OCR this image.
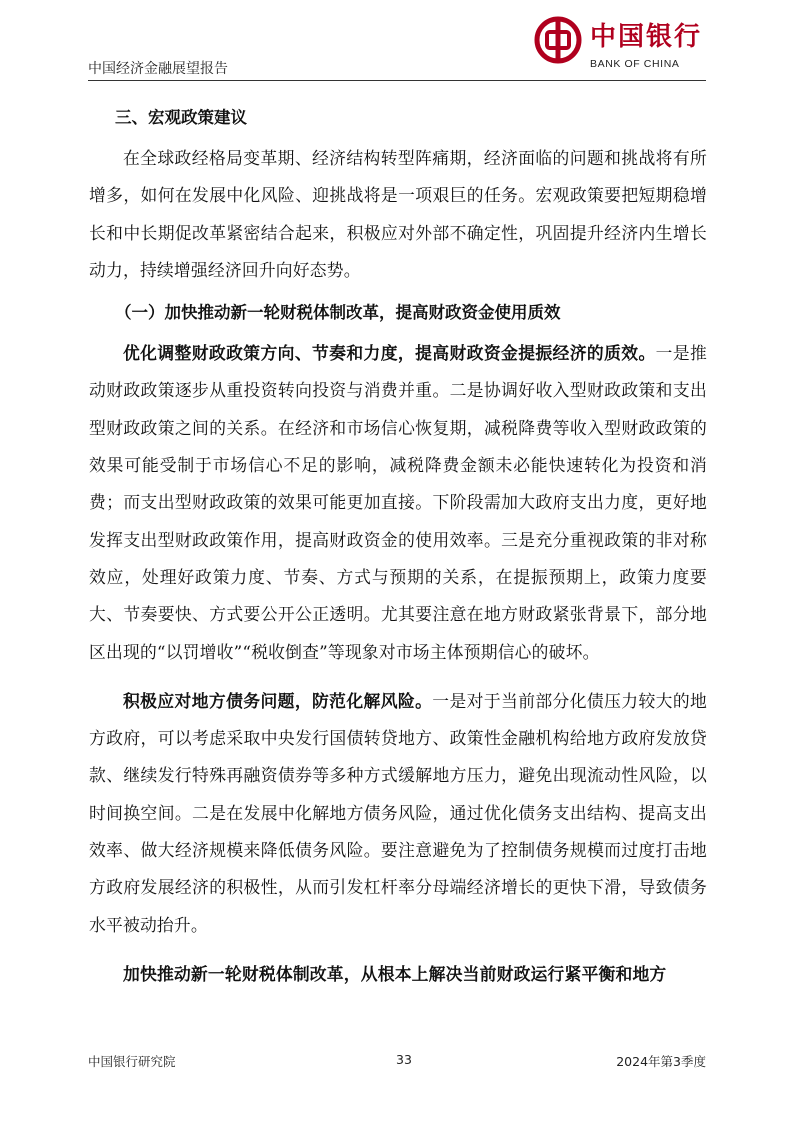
中国经济金融展望报告
中国银行
BANK OF CHINA
三、宏观政策建议

在全球政经格局变革期、经济结构转型阵痛期，经济面临的问题和挑战将有所增多，如何在发展中化风险、迎挑战将是一项艰巨的任务。宏观政策要把短期稳增长和中长期促改革紧密结合起来，积极应对外部不确定性，巩固提升经济内生增长动力，持续增强经济回升向好态势。

（一）加快推动新一轮财税体制改革，提高财政资金使用质效

优化调整财政政策方向、节奏和力度，提高财政资金提振经济的质效。一是推动财政政策逐步从重投资转向投资与消费并重。二是协调好收入型财政政策和支出型财政政策之间的关系。在经济和市场信心恢复期，减税降费等收入型财政政策的效果可能受制于市场信心不足的影响，减税降费金额未必能快速转化为投资和消费；而支出型财政政策的效果可能更加直接。下阶段需加大政府支出力度，更好地发挥支出型财政政策作用，提高财政资金的使用效率。三是充分重视政策的非对称效应，处理好政策力度、节奏、方式与预期的关系，在提振预期上，政策力度要大、节奏要快、方式要公开公正透明。尤其要注意在地方财政紧张背景下，部分地区出现的“以罚增收”“税收倒查”等现象对市场主体预期信心的破坏。

积极应对地方债务问题，防范化解风险。一是对于当前部分化债压力较大的地方政府，可以考虑采取中央发行国债转贷地方、政策性金融机构给地方政府发放贷款、继续发行特殊再融资债券等多种方式缓解地方压力，避免出现流动性风险，以时间换空间。二是在发展中化解地方债务风险，通过优化债务支出结构、提高支出效率、做大经济规模来降低债务风险。要注意避免为了控制债务规模而过度打击地方政府发展经济的积极性，从而引发杠杆率分母端经济增长的更快下滑，导致债务水平被动抬升。

加快推动新一轮财税体制改革，从根本上解决当前财政运行紧平衡和地方

中国银行研究院	33	2024年第3季度
